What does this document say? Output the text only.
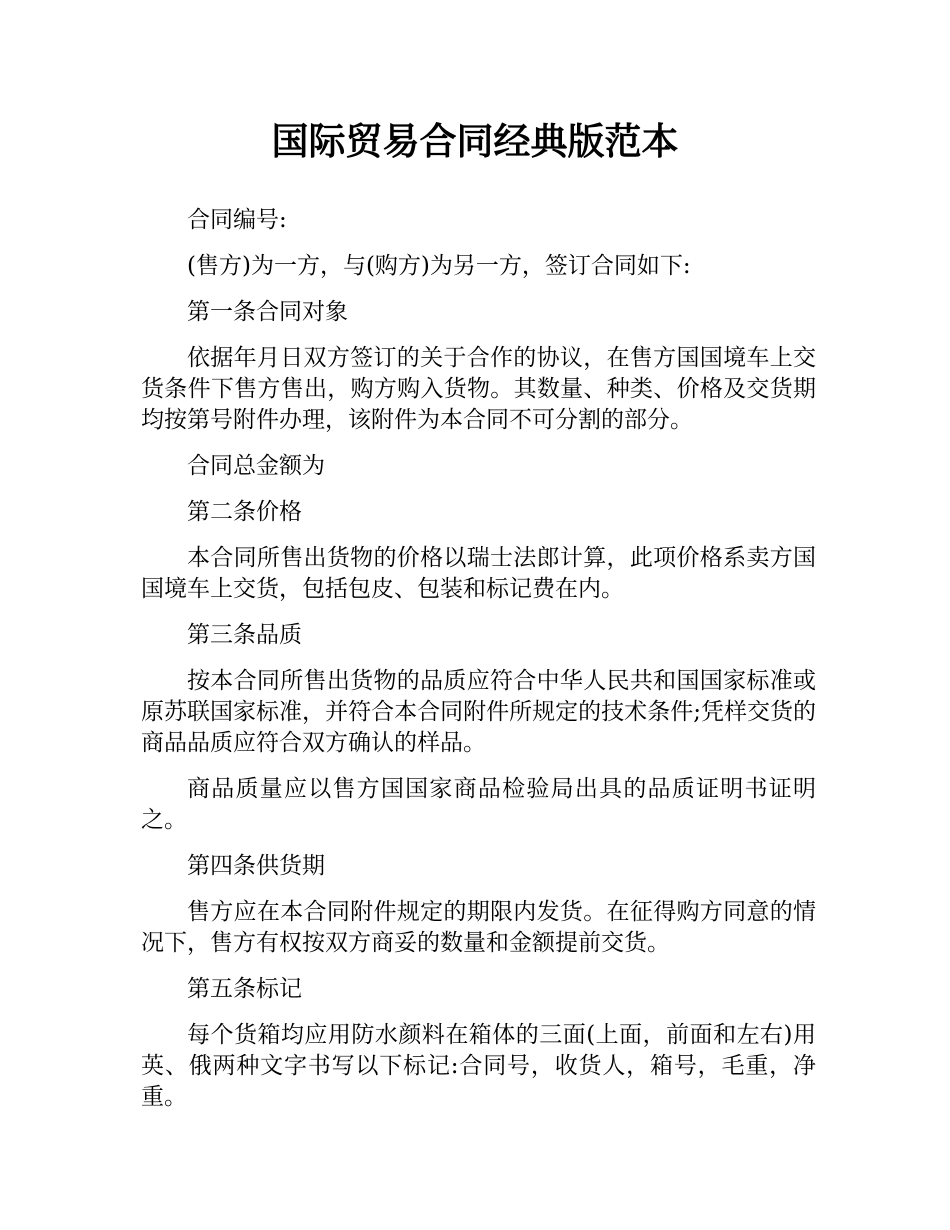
国际贸易合同经典版范本

合同编号:

(售方)为一方，与(购方)为另一方，签订合同如下:

第一条合同对象

依据年月日双方签订的关于合作的协议，在售方国国境车上交货条件下售方售出，购方购入货物。其数量、种类、价格及交货期均按第号附件办理，该附件为本合同不可分割的部分。

合同总金额为

第二条价格

本合同所售出货物的价格以瑞士法郎计算，此项价格系卖方国国境车上交货，包括包皮、包装和标记费在内。

第三条品质

按本合同所售出货物的品质应符合中华人民共和国国家标准或原苏联国家标准，并符合本合同附件所规定的技术条件;凭样交货的商品品质应符合双方确认的样品。

商品质量应以售方国国家商品检验局出具的品质证明书证明之。

第四条供货期

售方应在本合同附件规定的期限内发货。在征得购方同意的情况下，售方有权按双方商妥的数量和金额提前交货。

第五条标记

每个货箱均应用防水颜料在箱体的三面(上面，前面和左右)用英、俄两种文字书写以下标记:合同号，收货人，箱号，毛重，净重。
